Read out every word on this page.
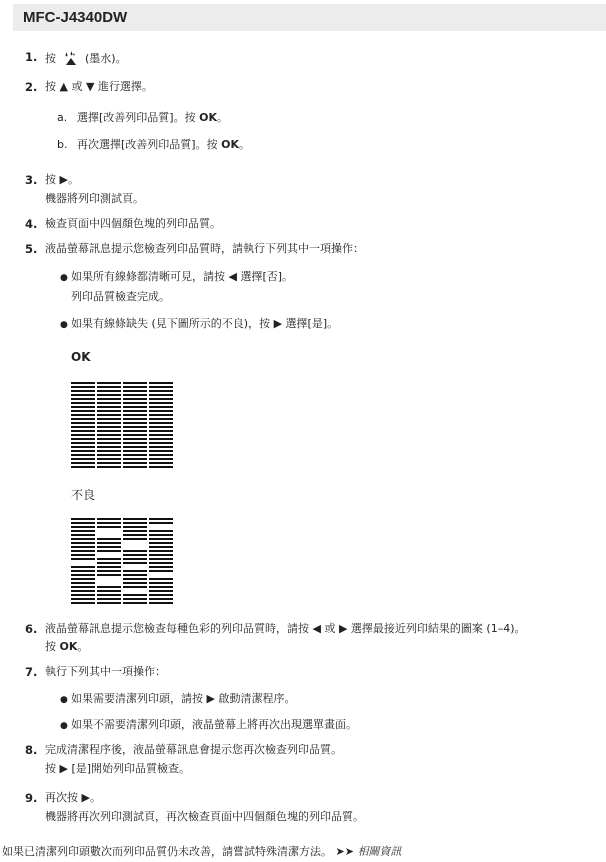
MFC-J4340DW
1. 按	(墨水)。
2. 按 ▲ 或 ▼ 進行選擇。
a. 選擇[改善列印品質]。按 OK。
b. 再次選擇[改善列印品質]。按 OK。
3. 按 ▶。
機器將列印測試頁。
4. 檢查頁面中四個顏色塊的列印品質。
5. 液晶螢幕訊息提示您檢查列印品質時，請執行下列其中一項操作：
● 如果所有線條都清晰可見，請按 ◀ 選擇[否]。
列印品質檢查完成。
● 如果有線條缺失 (見下圖所示的不良)，按 ▶ 選擇[是]。
OK
不良
6. 液晶螢幕訊息提示您檢查每種色彩的列印品質時，請按 ◀ 或 ▶ 選擇最接近列印結果的圖案 (1–4)。
按 OK。
7. 執行下列其中一項操作：
● 如果需要清潔列印頭，請按 ▶ 啟動清潔程序。
● 如果不需要清潔列印頭，液晶螢幕上將再次出現選單畫面。
8. 完成清潔程序後，液晶螢幕訊息會提示您再次檢查列印品質。
按 ▶ [是]開始列印品質檢查。
9. 再次按 ▶。
機器將再次列印測試頁，再次檢查頁面中四個顏色塊的列印品質。
如果已清潔列印頭數次而列印品質仍未改善，請嘗試特殊清潔方法。 ➤➤ 相關資訊
